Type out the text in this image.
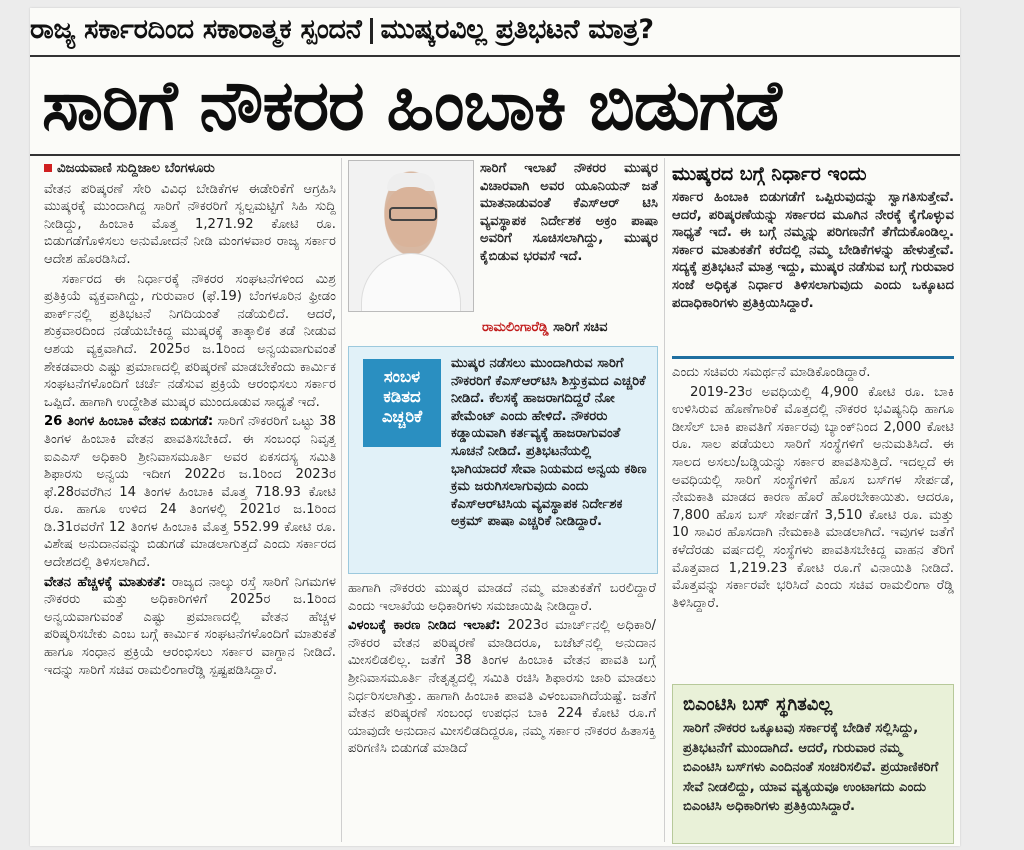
ರಾಜ್ಯ ಸರ್ಕಾರದಿಂದ ಸಕಾರಾತ್ಮಕ ಸ್ಪಂದನೆ ಮುಷ್ಕರವಿಲ್ಲ ಪ್ರತಿಭಟನೆ ಮಾತ್ರ?
ಸಾರಿಗೆ ನೌಕರರ ಹಿಂಬಾಕಿ ಬಿಡುಗಡೆ
ವಿಜಯವಾಣಿ ಸುದ್ದಿಜಾಲ ಬೆಂಗಳೂರು

ವೇತನ ಪರಿಷ್ಕರಣೆ ಸೇರಿ ವಿವಿಧ ಬೇಡಿಕೆಗಳ ಈಡೇರಿಕೆಗೆ ಆಗ್ರಹಿಸಿ ಮುಷ್ಕರಕ್ಕೆ ಮುಂದಾಗಿದ್ದ ಸಾರಿಗೆ ನೌಕರರಿಗೆ ಸ್ವಲ್ಪಮಟ್ಟಿಗೆ ಸಿಹಿ ಸುದ್ದಿ ನೀಡಿದ್ದು, ಹಿಂಬಾಕಿ ಮೊತ್ತ 1,271.92 ಕೋಟಿ ರೂ. ಬಿಡುಗಡೆಗೊಳಿಸಲು ಅನುಮೋದನೆ ನೀಡಿ ಮಂಗಳವಾರ ರಾಜ್ಯ ಸರ್ಕಾರ ಆದೇಶ ಹೊರಡಿಸಿದೆ.

ಸರ್ಕಾರದ ಈ ನಿರ್ಧಾರಕ್ಕೆ ನೌಕರರ ಸಂಘಟನೆಗಳಿಂದ ಮಿಶ್ರ ಪ್ರತಿಕ್ರಿಯೆ ವ್ಯಕ್ತವಾಗಿದ್ದು, ಗುರುವಾರ (ಫೆ.19) ಬೆಂಗಳೂರಿನ ಫ್ರೀಡಂ ಪಾರ್ಕ್‌ನಲ್ಲಿ ಪ್ರತಿಭಟನೆ ನಿಗದಿಯಂತೆ ನಡೆಯಲಿದೆ. ಆದರೆ, ಶುಕ್ರವಾರದಿಂದ ನಡೆಯಬೇಕಿದ್ದ ಮುಷ್ಕರಕ್ಕೆ ತಾತ್ಕಾಲಿಕ ತಡೆ ನೀಡುವ ಆಶಯ ವ್ಯಕ್ತವಾಗಿದೆ. 2025ರ ಜ.1ರಿಂದ ಅನ್ವಯವಾಗುವಂತೆ ಶೇಕಡವಾರು ಎಷ್ಟು ಪ್ರಮಾಣದಲ್ಲಿ ಪರಿಷ್ಕರಣೆ ಮಾಡಬೇಕೆಂದು ಕಾರ್ಮಿಕ ಸಂಘಟನೆಗಳೊಂದಿಗೆ ಚರ್ಚೆ ನಡೆಸುವ ಪ್ರಕ್ರಿಯೆ ಆರಂಭಿಸಲು ಸರ್ಕಾರ ಒಪ್ಪಿದೆ. ಹಾಗಾಗಿ ಉದ್ದೇಶಿತ ಮುಷ್ಕರ ಮುಂದೂಡುವ ಸಾಧ್ಯತೆ ಇದೆ.

26 ತಿಂಗಳ ಹಿಂಬಾಕಿ ವೇತನ ಬಿಡುಗಡೆ: ಸಾರಿಗೆ ನೌಕರರಿಗೆ ಒಟ್ಟು 38 ತಿಂಗಳ ಹಿಂಬಾಕಿ ವೇತನ ಪಾವತಿಸಬೇಕಿದೆ. ಈ ಸಂಬಂಧ ನಿವೃತ್ತ ಐಎಎಸ್ ಅಧಿಕಾರಿ ಶ್ರೀನಿವಾಸಮೂರ್ತಿ ಅವರ ಏಕಸದಸ್ಯ ಸಮಿತಿ ಶಿಫಾರಸು ಅನ್ವಯ ಇದೀಗ 2022ರ ಜ.1ರಿಂದ 2023ರ ಫೆ.28ರವರೆಗಿನ 14 ತಿಂಗಳ ಹಿಂಬಾಕಿ ಮೊತ್ತ 718.93 ಕೋಟಿ ರೂ. ಹಾಗೂ ಉಳಿದ 24 ತಿಂಗಳಲ್ಲಿ 2021ರ ಜ.1ರಿಂದ ಡಿ.31ರವರೆಗೆ 12 ತಿಂಗಳ ಹಿಂಬಾಕಿ ಮೊತ್ತ 552.99 ಕೋಟಿ ರೂ. ವಿಶೇಷ ಅನುದಾನವನ್ನು ಬಿಡುಗಡೆ ಮಾಡಲಾಗುತ್ತದೆ ಎಂದು ಸರ್ಕಾರದ ಆದೇಶದಲ್ಲಿ ತಿಳಿಸಲಾಗಿದೆ.

ವೇತನ ಹೆಚ್ಚಳಕ್ಕೆ ಮಾತುಕತೆ: ರಾಜ್ಯದ ನಾಲ್ಕು ರಸ್ತೆ ಸಾರಿಗೆ ನಿಗಮಗಳ ನೌಕರರು ಮತ್ತು ಅಧಿಕಾರಿಗಳಿಗೆ 2025ರ ಜ.1ರಿಂದ ಅನ್ವಯವಾಗುವಂತೆ ಎಷ್ಟು ಪ್ರಮಾಣದಲ್ಲಿ ವೇತನ ಹೆಚ್ಚಳ ಪರಿಷ್ಕರಿಸಬೇಕು ಎಂಬ ಬಗ್ಗೆ ಕಾರ್ಮಿಕ ಸಂಘಟನೆಗಳೊಂದಿಗೆ ಮಾತುಕತೆ ಹಾಗೂ ಸಂಧಾನ ಪ್ರಕ್ರಿಯೆ ಆರಂಭಿಸಲು ಸರ್ಕಾರ ವಾಗ್ದಾನ ನೀಡಿದೆ. ಇದನ್ನು ಸಾರಿಗೆ ಸಚಿವ ರಾಮಲಿಂಗಾರೆಡ್ಡಿ ಸ್ಪಷ್ಟಪಡಿಸಿದ್ದಾರೆ.

ಸಾರಿಗೆ ಇಲಾಖೆ ನೌಕರರ ಮುಷ್ಕರ ವಿಚಾರವಾಗಿ ಅವರ ಯೂನಿಯನ್ ಜತೆ ಮಾತನಾಡುವಂತೆ ಕೆಎಸ್‌ಆರ್ ಟಿಸಿ ವ್ಯವಸ್ಥಾಪಕ ನಿರ್ದೇಶಕ ಅಕ್ರಂ ಪಾಷಾ ಅವರಿಗೆ ಸೂಚಿಸಲಾಗಿದ್ದು, ಮುಷ್ಕರ ಕೈಬಿಡುವ ಭರವಸೆ ಇದೆ.

ರಾಮಲಿಂಗಾರೆಡ್ಡಿ ಸಾರಿಗೆ ಸಚಿವ
ಸಂಬಳ ಕಡಿತದ ಎಚ್ಚರಿಕೆ
ಮುಷ್ಕರ ನಡೆಸಲು ಮುಂದಾಗಿರುವ ಸಾರಿಗೆ ನೌಕರರಿಗೆ ಕೆಎಸ್‌ಆರ್‌ಟಿಸಿ ಶಿಸ್ತುಕ್ರಮದ ಎಚ್ಚರಿಕೆ ನೀಡಿದೆ. ಕೆಲಸಕ್ಕೆ ಹಾಜರಾಗದಿದ್ದರೆ ನೋ ಪೇಮೆಂಟ್ ಎಂದು ಹೇಳಿದೆ. ನೌಕರರು ಕಡ್ಡಾಯವಾಗಿ ಕರ್ತವ್ಯಕ್ಕೆ ಹಾಜರಾಗುವಂತೆ ಸೂಚನೆ ನೀಡಿದೆ. ಪ್ರತಿಭಟನೆಯಲ್ಲಿ ಭಾಗಿಯಾದರೆ ಸೇವಾ ನಿಯಮದ ಅನ್ವಯ ಕಠಿಣ ಕ್ರಮ ಜರುಗಿಸಲಾಗುವುದು ಎಂದು ಕೆಎಸ್‌ಆರ್‌ಟಿಸಿಯ ವ್ಯವಸ್ಥಾಪಕ ನಿರ್ದೇಶಕ ಅಕ್ರಮ್ ಪಾಷಾ ಎಚ್ಚರಿಕೆ ನೀಡಿದ್ದಾರೆ.

ಹಾಗಾಗಿ ನೌಕರರು ಮುಷ್ಕರ ಮಾಡದೆ ನಮ್ಮ ಮಾತುಕತೆಗೆ ಬರಲಿದ್ದಾರೆ ಎಂದು ಇಲಾಖೆಯ ಅಧಿಕಾರಿಗಳು ಸಮಜಾಯಿಷಿ ನೀಡಿದ್ದಾರೆ.

ವಿಳಂಬಕ್ಕೆ ಕಾರಣ ನೀಡಿದ ಇಲಾಖೆ: 2023ರ ಮಾರ್ಚ್‌ನಲ್ಲಿ ಅಧಿಕಾರಿ/ನೌಕರರ ವೇತನ ಪರಿಷ್ಕರಣೆ ಮಾಡಿದರೂ, ಬಜೆಟ್‌ನಲ್ಲಿ ಅನುದಾನ ಮೀಸಲಿಡಲಿಲ್ಲ. ಜತೆಗೆ 38 ತಿಂಗಳ ಹಿಂಬಾಕಿ ವೇತನ ಪಾವತಿ ಬಗ್ಗೆ ಶ್ರೀನಿವಾಸಮೂರ್ತಿ ನೇತೃತ್ವದಲ್ಲಿ ಸಮಿತಿ ರಚಿಸಿ ಶಿಫಾರಸು ಜಾರಿ ಮಾಡಲು ನಿರ್ಧರಿಸಲಾಗಿತ್ತು. ಹಾಗಾಗಿ ಹಿಂಬಾಕಿ ಪಾವತಿ ವಿಳಂಬವಾಗಿದೆಯಷ್ಟೆ. ಜತೆಗೆ ವೇತನ ಪರಿಷ್ಕರಣೆ ಸಂಬಂಧ ಉಪಧನ ಬಾಕಿ 224 ಕೋಟಿ ರೂ.ಗೆ ಯಾವುದೇ ಅನುದಾನ ಮೀಸಲಿಡದಿದ್ದರೂ, ನಮ್ಮ ಸರ್ಕಾರ ನೌಕರರ ಹಿತಾಸಕ್ತಿ ಪರಿಗಣಿಸಿ ಬಿಡುಗಡೆ ಮಾಡಿದೆ

ಮುಷ್ಕರದ ಬಗ್ಗೆ ನಿರ್ಧಾರ ಇಂದು

ಸರ್ಕಾರ ಹಿಂಬಾಕಿ ಬಿಡುಗಡೆಗೆ ಒಪ್ಪಿರುವುದನ್ನು ಸ್ವಾಗತಿಸುತ್ತೇವೆ. ಆದರೆ, ಪರಿಷ್ಕರಣೆಯನ್ನು ಸರ್ಕಾರದ ಮೂಗಿನ ನೇರಕ್ಕೆ ಕೈಗೊಳ್ಳುವ ಸಾಧ್ಯತೆ ಇದೆ. ಈ ಬಗ್ಗೆ ನಮ್ಮನ್ನು ಪರಿಗಣನೆಗೆ ತೆಗೆದುಕೊಂಡಿಲ್ಲ. ಸರ್ಕಾರ ಮಾತುಕತೆಗೆ ಕರೆದಲ್ಲಿ ನಮ್ಮ ಬೇಡಿಕೆಗಳನ್ನು ಹೇಳುತ್ತೇವೆ. ಸದ್ಯಕ್ಕೆ ಪ್ರತಿಭಟನೆ ಮಾತ್ರ ಇದ್ದು, ಮುಷ್ಕರ ನಡೆಸುವ ಬಗ್ಗೆ ಗುರುವಾರ ಸಂಜೆ ಅಧಿಕೃತ ನಿರ್ಧಾರ ತಿಳಿಸಲಾಗುವುದು ಎಂದು ಒಕ್ಕೂಟದ ಪದಾಧಿಕಾರಿಗಳು ಪ್ರತಿಕ್ರಿಯಿಸಿದ್ದಾರೆ.

ಎಂದು ಸಚಿವರು ಸಮರ್ಥನೆ ಮಾಡಿಕೊಂಡಿದ್ದಾರೆ.

2019-23ರ ಅವಧಿಯಲ್ಲಿ 4,900 ಕೋಟಿ ರೂ. ಬಾಕಿ ಉಳಿಸಿರುವ ಹೊಣೆಗಾರಿಕೆ ಮೊತ್ತದಲ್ಲಿ ನೌಕರರ ಭವಿಷ್ಯನಿಧಿ ಹಾಗೂ ಡೀಸೆಲ್ ಬಾಕಿ ಪಾವತಿಗೆ ಸರ್ಕಾರವು ಬ್ಯಾಂಕ್‌ನಿಂದ 2,000 ಕೋಟಿ ರೂ. ಸಾಲ ಪಡೆಯಲು ಸಾರಿಗೆ ಸಂಸ್ಥೆಗಳಿಗೆ ಅನುಮತಿಸಿದೆ. ಈ ಸಾಲದ ಅಸಲು/ಬಡ್ಡಿಯನ್ನು ಸರ್ಕಾರ ಪಾವತಿಸುತ್ತಿದೆ. ಇದಲ್ಲದೆ ಈ ಅವಧಿಯಲ್ಲಿ ಸಾರಿಗೆ ಸಂಸ್ಥೆಗಳಿಗೆ ಹೊಸ ಬಸ್‌ಗಳ ಸೇರ್ಪಡೆ, ನೇಮಕಾತಿ ಮಾಡದ ಕಾರಣ ಹೊರೆ ಹೊರಬೇಕಾಯಿತು. ಆದರೂ, 7,800 ಹೊಸ ಬಸ್ ಸೇರ್ಪಡೆಗೆ 3,510 ಕೋಟಿ ರೂ. ಮತ್ತು 10 ಸಾವಿರ ಹೊಸದಾಗಿ ನೇಮಕಾತಿ ಮಾಡಲಾಗಿದೆ. ಇವುಗಳ ಜತೆಗೆ ಕಳೆದೆರಡು ವರ್ಷದಲ್ಲಿ ಸಂಸ್ಥೆಗಳು ಪಾವತಿಸಬೇಕಿದ್ದ ವಾಹನ ತೆರಿಗೆ ಮೊತ್ತವಾದ 1,219.23 ಕೋಟಿ ರೂ.ಗೆ ವಿನಾಯಿತಿ ನೀಡಿದೆ. ಮೊತ್ತವನ್ನು ಸರ್ಕಾರವೇ ಭರಿಸಿದೆ ಎಂದು ಸಚಿವ ರಾಮಲಿಂಗಾ ರೆಡ್ಡಿ ತಿಳಿಸಿದ್ದಾರೆ.

ಬಿಎಂಟಿಸಿ ಬಸ್ ಸ್ಥಗಿತವಿಲ್ಲ
ಸಾರಿಗೆ ನೌಕರರ ಒಕ್ಕೂಟವು ಸರ್ಕಾರಕ್ಕೆ ಬೇಡಿಕೆ ಸಲ್ಲಿಸಿದ್ದು, ಪ್ರತಿಭಟನೆಗೆ ಮುಂದಾಗಿದೆ. ಆದರೆ, ಗುರುವಾರ ನಮ್ಮ ಬಿಎಂಟಿಸಿ ಬಸ್‌ಗಳು ಎಂದಿನಂತೆ ಸಂಚರಿಸಲಿವೆ. ಪ್ರಯಾಣಿಕರಿಗೆ ಸೇವೆ ನೀಡಲಿದ್ದು, ಯಾವ ವ್ಯತ್ಯಯವೂ ಉಂಟಾಗದು ಎಂದು ಬಿಎಂಟಿಸಿ ಅಧಿಕಾರಿಗಳು ಪ್ರತಿಕ್ರಿಯಿಸಿದ್ದಾರೆ.
